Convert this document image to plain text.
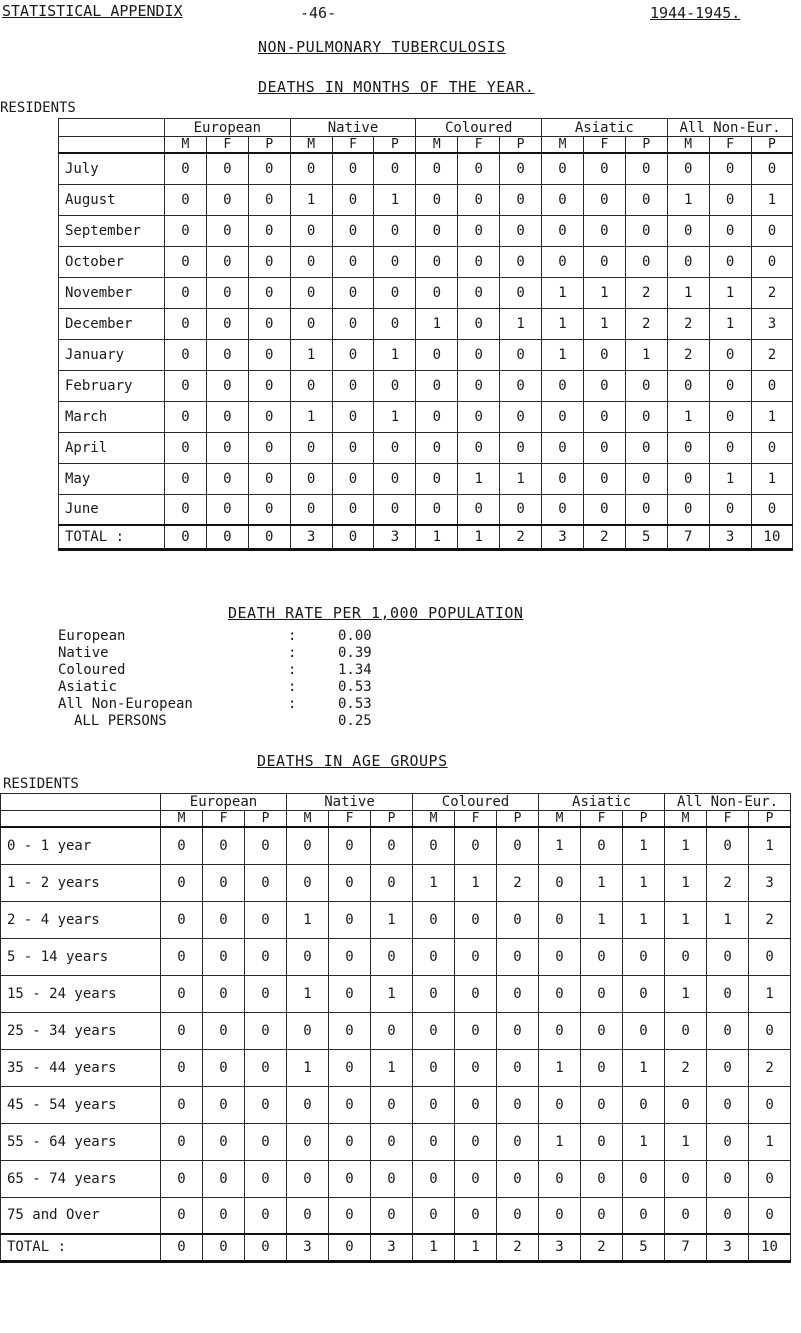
STATISTICAL APPENDIX	-46-	1944-1945.
NON-PULMONARY TUBERCULOSIS
DEATHS IN MONTHS OF THE YEAR.
RESIDENTS
	European			Native			Coloured			Asiatic			All Non-Eur.		
	M	F	P	M	F	P	M	F	P	M	F	P	M	F	P
July	0	0	0	0	0	0	0	0	0	0	0	0	0	0	0
August	0	0	0	1	0	1	0	0	0	0	0	0	1	0	1
September	0	0	0	0	0	0	0	0	0	0	0	0	0	0	0
October	0	0	0	0	0	0	0	0	0	0	0	0	0	0	0
November	0	0	0	0	0	0	0	0	0	1	1	2	1	1	2
December	0	0	0	0	0	0	1	0	1	1	1	2	2	1	3
January	0	0	0	1	0	1	0	0	0	1	0	1	2	0	2
February	0	0	0	0	0	0	0	0	0	0	0	0	0	0	0
March	0	0	0	1	0	1	0	0	0	0	0	0	1	0	1
April	0	0	0	0	0	0	0	0	0	0	0	0	0	0	0
May	0	0	0	0	0	0	0	1	1	0	0	0	0	1	1
June	0	0	0	0	0	0	0	0	0	0	0	0	0	0	0
TOTAL :	0	0	0	3	0	3	1	1	2	3	2	5	7	3	10
DEATH RATE PER 1,000 POPULATION
European	:	0.00
Native	:	0.39
Coloured	:	1.34
Asiatic	:	0.53
All Non-European	:	0.53
ALL PERSONS	0.25
DEATHS IN AGE GROUPS
RESIDENTS
	European			Native			Coloured			Asiatic			All Non-Eur.		
	M	F	P	M	F	P	M	F	P	M	F	P	M	F	P
0 - 1 year	0	0	0	0	0	0	0	0	0	1	0	1	1	0	1
1 - 2 years	0	0	0	0	0	0	1	1	2	0	1	1	1	2	3
2 - 4 years	0	0	0	1	0	1	0	0	0	0	1	1	1	1	2
5 - 14 years	0	0	0	0	0	0	0	0	0	0	0	0	0	0	0
15 - 24 years	0	0	0	1	0	1	0	0	0	0	0	0	1	0	1
25 - 34 years	0	0	0	0	0	0	0	0	0	0	0	0	0	0	0
35 - 44 years	0	0	0	1	0	1	0	0	0	1	0	1	2	0	2
45 - 54 years	0	0	0	0	0	0	0	0	0	0	0	0	0	0	0
55 - 64 years	0	0	0	0	0	0	0	0	0	1	0	1	1	0	1
65 - 74 years	0	0	0	0	0	0	0	0	0	0	0	0	0	0	0
75 and Over	0	0	0	0	0	0	0	0	0	0	0	0	0	0	0
TOTAL :	0	0	0	3	0	3	1	1	2	3	2	5	7	3	10
